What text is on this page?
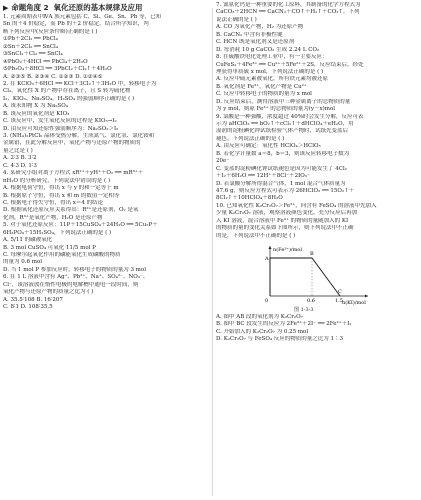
▶ 命题角度 2 氧化还原的基本规律及应用
1. 元素周期表中ⅣA 族元素包括 C、Si、Ge、Sn、Pb 等，已知
Sn 的＋4 价稳定，而 Pb 的＋2 价稳定。结合所学知识，判
断下列反应中(反应条件略)正确的是 ( )
①Pb＋2Cl₂ ══ PbCl₄
②Sn＋2Cl₂ ══ SnCl₄
③SnCl₂＋Cl₂ ══ SnCl₄
④PbO₂＋4HCl ══ PbCl₄＋2H₂O
⑤Pb₃O₄＋8HCl ══ 3PbCl₂＋Cl₂↑＋4H₂O
A. ②③⑤ B. ②③④ C. ①②③ D. ①②④⑤
2. 在 KClO₃＋6HCl ══ KCl＋3Cl₂↑＋3H₂O 中，转移电子为
Cl₂，氧化性 X 的产物中存在离子，且 S 转为硫化物
I₂、KIO₃、Na₂SO₄、H₂SO₄ 的强弱顺序正确的是 ( )
A. 该未知物 X 为 Na₂SO₄
B. 该反应的氧化剂是 KIO₃
C. 该反应中，发生氧化反应的过程是 KIO₃→I₂
D. 由反应可知还原性强弱顺序为：Na₂SO₃＞I₂
3. (NH₄)₂PtCl₆ 晶体受热分解，生成氮气、氯化氢、氯化铵和
金属铂，在此分解反应中，氧化产物与还原产物的物质的
量之比是 ( )
A. 2∶3 B. 3∶2
C. 4∶3 D. 1∶3
4. 某研究小组对离子方程式 xR²⁺＋yH⁺＋O₂ ══ mR³⁺＋
nH₂O 的分析研究，下列说法中错误的是 ( )
A. 根据电荷守恒，得出 x 与 y 的和一定等于 m
B. 根据原子守恒，得出 x 和 m 的数值一定相等
C. 根据电子得失守恒，得出 x＝4 的结论
D. 根据氧化还原反应关系得出：R²⁺是还原剂，O₂ 是氧
化剂，R³⁺是氧化产物，H₂O 是还原产物
5. 对于氧化还原反应：11P＋15CuSO₄＋24H₂O ══ 5Cu₃P＋
6H₃PO₄＋15H₂SO₄，下列说法正确的是 ( )
A. 5/11 的磷被氧化
B. 3 mol CuSO₄ 可氧化 11/5 mol P
C. 每摩尔起氧化作用的磷能氧化生成磷酸的物质
的量为 0.6 mol
D. 当 1 mol P 参加反应时，转移电子的物质的量为 3 mol
6. 在 1 L 溶液中含有 Ag⁺、Pb²⁺、Na⁺、SO₄²⁻、NO₃⁻、
Cl⁻，该溶液放在惰性电极的电解槽中通电一段时间，则
氧化产物与还原产物的质量之比为 ( )
A. 35.5∶108 B. 16∶207
C. 8∶1 D. 108∶35.5
7. 氰氨化钙是一种重要的化工原料，其制备的化学方程式为
CaCO₃＋2HCN ══ CaCN₂＋CO↑＋H₂↑＋CO₂↑。下列
说法正确的是 ( )
A. CO 为氧化产物，H₂ 为还原产物
B. CaCN₂ 中含有非极性键
C. HCN 既是氧化剂又是还原剂
D. 每消耗 10 g CaCO₃ 生成 2.24 L CO₂
8. 在硫酸铁电化处理工业中，有一主要反应：
CuFeS₂＋4Fe³⁺ ══ Cu²⁺＋5Fe²⁺＋2S，反应结束后，经处
理获得单质硫 x mol，下列说法正确的是 ( )
A. 反应中硫元素被氧化，所有铁元素均被还原
B. 氧化剂是 Fe³⁺，氧化产物是 Cu²⁺
C. 反应中转移电子的物质的量为 x mol
D. 反应结束后，测得溶液中三种金属离子的总物质的量
为 y mol，则原 Fe³⁺ 的总物质的量为(y－x)mol
9. 氯酸是一种强酸，浓度超过 40%时会发生分解，反应可表
示为 aHClO₃ ══ bO₂↑＋cCl₂↑＋dHClO₄＋eH₂O，用
湿润的淀粉碘化钾试纸检验气体产物时，试纸先变蓝后
褪色。下列说法正确的是 ( )
A. 由反应可确定：氧化性 HClO₄＞HClO₃
B. 若化学计量数 a＝8，b＝3，则该反应转移电子数为
20e⁻
C. 变蓝的淀粉碘化钾试纸褪色是因为可能发生了 4Cl₂
＋I₂＋6H₂O ══ 12H⁺＋8Cl⁻＋2IO₃⁻
D. 若氯酸分解所得混合气体，1 mol 混合气体质量为
47.6 g，则反应方程式可表示为 26HClO₃ ══ 15O₂↑＋
8Cl₂↑＋10HClO₄＋8H₂O
10. 已知氧化性 K₂Cr₂O₇＞Fe³⁺，向含有 FeSO₄ 的溶液中先加入
少量 K₂Cr₂O₇ 溶液，观察溶液颜色变化，充分反应后再加
入 KI 溶液，混合溶液中 Fe³⁺ 的物质的量随加入的 KI
的物质的量的变化关系如下图所示，则下列说法中不正确
的是，下列说法中不正确的是 ( )
n(Fe³⁺)/mol
n(KI)/mol
A
B
C
0	0.6	1.5
图 1-3-3
A. 图中 AB 段的氧化剂为 K₂Cr₂O₇
B. 图中 BC 段发生的反应为 2Fe³⁺＋2I⁻ ══ 2Fe²⁺＋I₂
C. 开始加入的 K₂Cr₂O₇ 为 0.25 mol
D. K₂Cr₂O₇ 与 FeSO₄ 反应的物质的量之比为 1∶3
